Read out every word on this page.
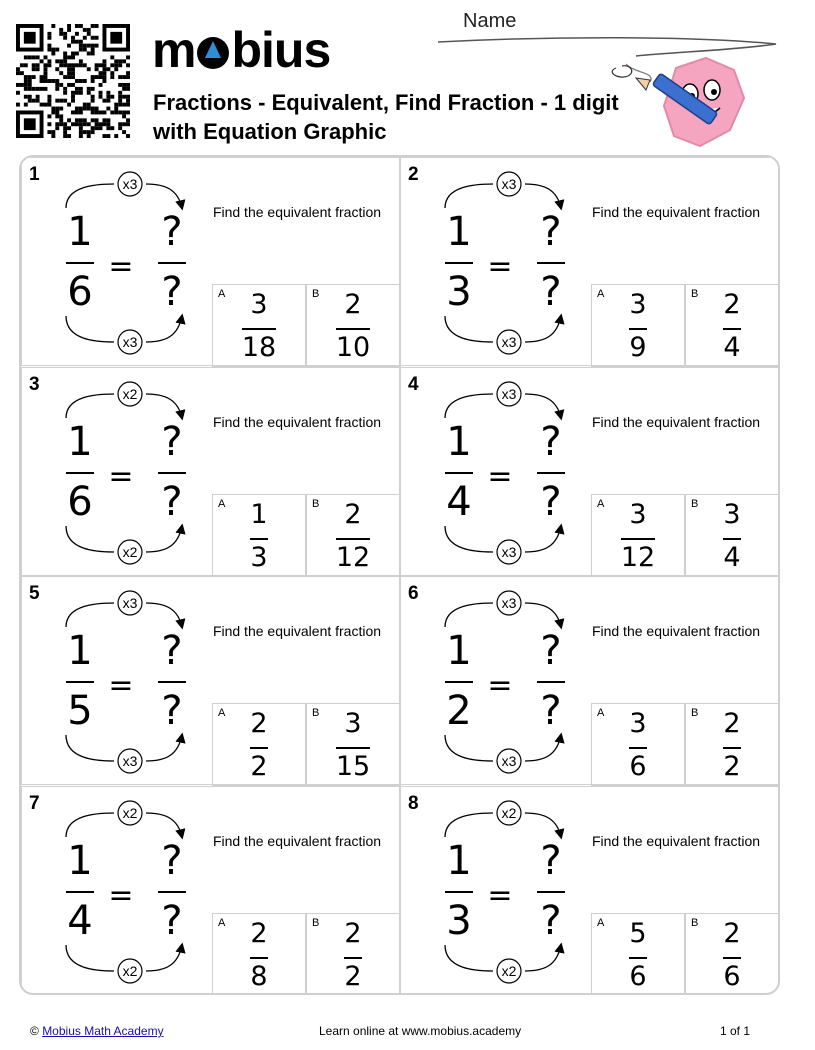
m bius
Fractions - Equivalent, Find Fraction - 1 digit with Equation Graphic
Name
1	x3
x3
1
6
=
?
?
Find the equivalent fraction
A 3
18
B 2
10
2	x3
x3
1
3
=
?
?
Find the equivalent fraction
A 3
9
B 2
4
3	x2
x2
1
6
=
?
?
Find the equivalent fraction
A 1
3
B 2
12
4	x3
x3
1
4
=
?
?
Find the equivalent fraction
A 3
12
B 3
4
5	x3
x3
1
5
=
?
?
Find the equivalent fraction
A 2
2
B 3
15
6	x3
x3
1
2
=
?
?
Find the equivalent fraction
A 3
6
B 2
2
7	x2
x2
1
4
=
?
?
Find the equivalent fraction
A 2
8
B 2
2
8	x2
x2
1
3
=
?
?
Find the equivalent fraction
A 5
6
B 2
6
© Mobius Math Academy	Learn online at www.mobius.academy	1 of 1
